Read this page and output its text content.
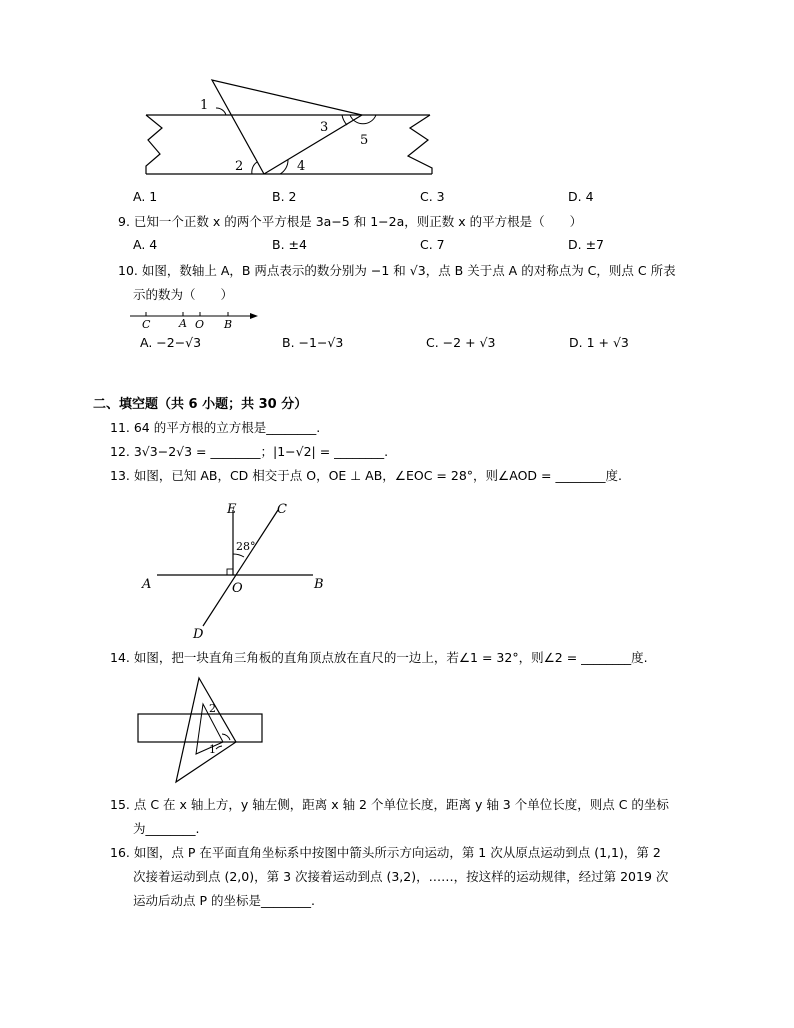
1
2
3
4
5
A. 1	B. 2	C. 3	D. 4
9. 已知一个正数 x 的两个平方根是 3a−5 和 1−2a，则正数 x 的平方根是（　　）
A. 4	B. ±4	C. 7	D. ±7
10. 如图，数轴上 A，B 两点表示的数分别为 −1 和 √3，点 B 关于点 A 的对称点为 C，则点 C 所表
示的数为（　　）
C	A O B
A. −2−√3	B. −1−√3	C. −2 + √3	D. 1 + √3
二、填空题（共 6 小题；共 30 分）
11. 64 的平方根的立方根是________.
12. 3√3−2√3 = ________；|1−√2| = ________.
13. 如图，已知 AB，CD 相交于点 O，OE ⊥ AB，∠EOC = 28°，则∠AOD = ________度.
E	C
28°
A	O	B
D
14. 如图，把一块直角三角板的直角顶点放在直尺的一边上，若∠1 = 32°，则∠2 = ________度.
2
1
15. 点 C 在 x 轴上方，y 轴左侧，距离 x 轴 2 个单位长度，距离 y 轴 3 个单位长度，则点 C 的坐标
为________.
16. 如图，点 P 在平面直角坐标系中按图中箭头所示方向运动，第 1 次从原点运动到点 (1,1)，第 2
次接着运动到点 (2,0)，第 3 次接着运动到点 (3,2)，……，按这样的运动规律，经过第 2019 次
运动后动点 P 的坐标是________.
